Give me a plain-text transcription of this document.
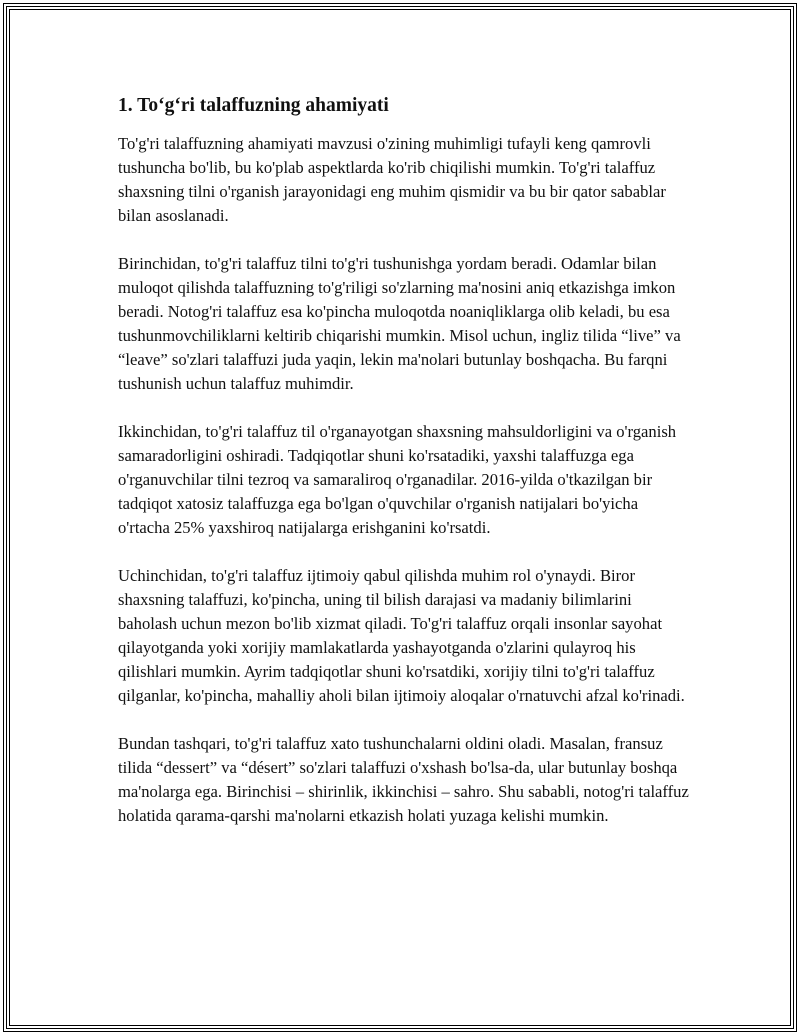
1. To‘g‘ri talaffuzning ahamiyati

To'g'ri talaffuzning ahamiyati mavzusi o'zining muhimligi tufayli keng qamrovli tushuncha bo'lib, bu ko'plab aspektlarda ko'rib chiqilishi mumkin. To'g'ri talaffuz shaxsning tilni o'rganish jarayonidagi eng muhim qismidir va bu bir qator sabablar bilan asoslanadi.

Birinchidan, to'g'ri talaffuz tilni to'g'ri tushunishga yordam beradi. Odamlar bilan muloqot qilishda talaffuzning to'g'riligi so'zlarning ma'nosini aniq etkazishga imkon beradi. Notog'ri talaffuz esa ko'pincha muloqotda noaniqliklarga olib keladi, bu esa tushunmovchiliklarni keltirib chiqarishi mumkin. Misol uchun, ingliz tilida “live” va “leave” so'zlari talaffuzi juda yaqin, lekin ma'nolari butunlay boshqacha. Bu farqni tushunish uchun talaffuz muhimdir.

Ikkinchidan, to'g'ri talaffuz til o'rganayotgan shaxsning mahsuldorligini va o'rganish samaradorligini oshiradi. Tadqiqotlar shuni ko'rsatadiki, yaxshi talaffuzga ega o'rganuvchilar tilni tezroq va samaraliroq o'rganadilar. 2016-yilda o'tkazilgan bir tadqiqot xatosiz talaffuzga ega bo'lgan o'quvchilar o'rganish natijalari bo'yicha o'rtacha 25% yaxshiroq natijalarga erishganini ko'rsatdi.

Uchinchidan, to'g'ri talaffuz ijtimoiy qabul qilishda muhim rol o'ynaydi. Biror shaxsning talaffuzi, ko'pincha, uning til bilish darajasi va madaniy bilimlarini baholash uchun mezon bo'lib xizmat qiladi. To'g'ri talaffuz orqali insonlar sayohat qilayotganda yoki xorijiy mamlakatlarda yashayotganda o'zlarini qulayroq his qilishlari mumkin. Ayrim tadqiqotlar shuni ko'rsatdiki, xorijiy tilni to'g'ri talaffuz qilganlar, ko'pincha, mahalliy aholi bilan ijtimoiy aloqalar o'rnatuvchi afzal ko'rinadi.

Bundan tashqari, to'g'ri talaffuz xato tushunchalarni oldini oladi. Masalan, fransuz tilida “dessert” va “désert” so'zlari talaffuzi o'xshash bo'lsa-da, ular butunlay boshqa ma'nolarga ega. Birinchisi – shirinlik, ikkinchisi – sahro. Shu sababli, notog'ri talaffuz holatida qarama-qarshi ma'nolarni etkazish holati yuzaga kelishi mumkin.
